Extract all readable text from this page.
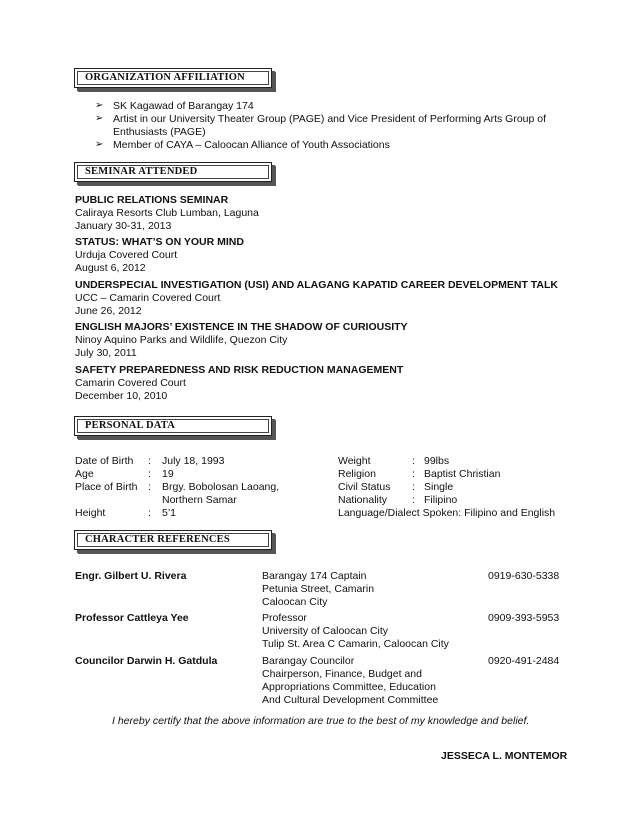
ORGANIZATION AFFILIATION
➢ SK Kagawad of Barangay 174
➢ Artist in our University Theater Group (PAGE) and Vice President of Performing Arts Group of
Enthusiasts (PAGE)
➢ Member of CAYA – Caloocan Alliance of Youth Associations
SEMINAR ATTENDED
PUBLIC RELATIONS SEMINAR
Caliraya Resorts Club Lumban, Laguna
January 30-31, 2013
STATUS: WHAT’S ON YOUR MIND
Urduja Covered Court
August 6, 2012
UNDERSPECIAL INVESTIGATION (USI) AND ALAGANG KAPATID CAREER DEVELOPMENT TALK
UCC – Camarin Covered Court
June 26, 2012
ENGLISH MAJORS’ EXISTENCE IN THE SHADOW OF CURIOUSITY
Ninoy Aquino Parks and Wildlife, Quezon City
July 30, 2011
SAFETY PREPAREDNESS AND RISK REDUCTION MANAGEMENT
Camarin Covered Court
December 10, 2010
PERSONAL DATA
Date of Birth : July 18, 1993
Age	: 19
Place of Birth : Brgy. Bobolosan Laoang,
Northern Samar
Height	: 5’1
Weight	: 99lbs
Religion	: Baptist Christian
Civil Status : Single
Nationality : Filipino
Language/Dialect Spoken: Filipino and English
CHARACTER REFERENCES
Engr. Gilbert U. Rivera	Barangay 174 Captain
Petunia Street, Camarin
Caloocan City
0919-630-5338
Professor Cattleya Yee	Professor
University of Caloocan City
Tulip St. Area C Camarin, Caloocan City
0909-393-5953
Councilor Darwin H. Gatdula	Barangay Councilor
Chairperson, Finance, Budget and
Appropriations Committee, Education
And Cultural Development Committee
0920-491-2484
I hereby certify that the above information are true to the best of my knowledge and belief.
JESSECA L. MONTEMOR
